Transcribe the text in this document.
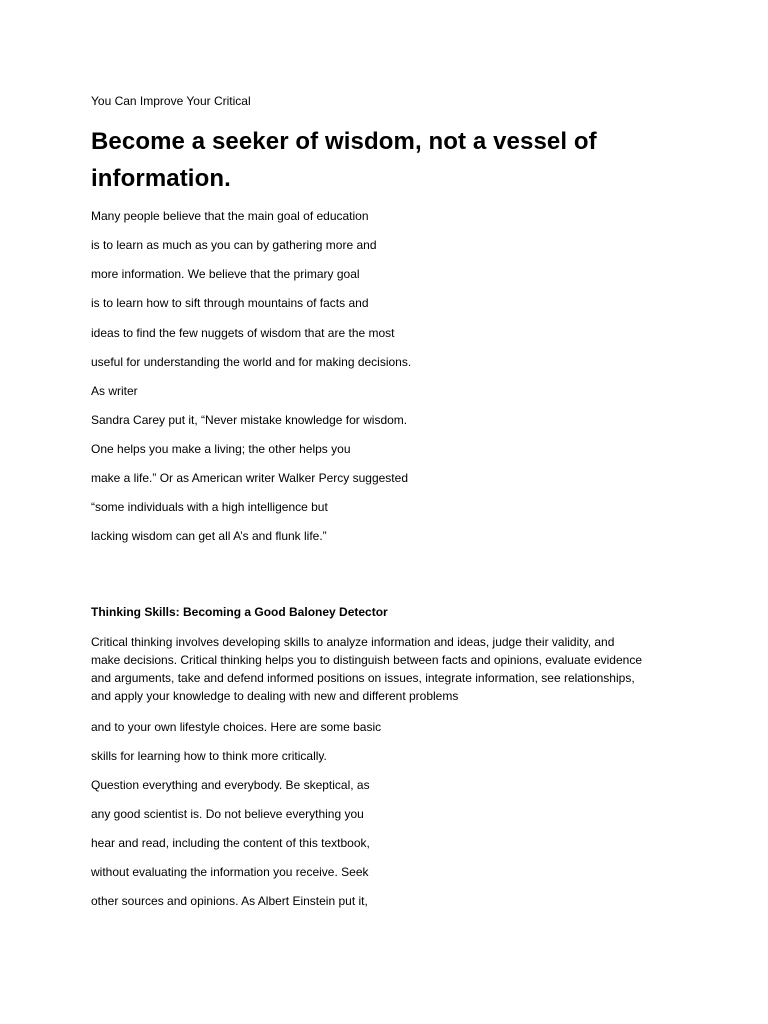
You Can Improve Your Critical
Become a seeker of wisdom, not a vessel of
information.
Many people believe that the main goal of education
is to learn as much as you can by gathering more and
more information. We believe that the primary goal
is to learn how to sift through mountains of facts and
ideas to find the few nuggets of wisdom that are the most
useful for understanding the world and for making decisions.
As writer
Sandra Carey put it, “Never mistake knowledge for wisdom.
One helps you make a living; the other helps you
make a life.” Or as American writer Walker Percy suggested
“some individuals with a high intelligence but
lacking wisdom can get all A’s and flunk life.”
Thinking Skills: Becoming a Good Baloney Detector
Critical thinking involves developing skills to analyze information and ideas, judge their validity, and
make decisions. Critical thinking helps you to distinguish between facts and opinions, evaluate evidence
and arguments, take and defend informed positions on issues, integrate information, see relationships,
and apply your knowledge to dealing with new and different problems
and to your own lifestyle choices. Here are some basic
skills for learning how to think more critically.
Question everything and everybody. Be skeptical, as
any good scientist is. Do not believe everything you
hear and read, including the content of this textbook,
without evaluating the information you receive. Seek
other sources and opinions. As Albert Einstein put it,
